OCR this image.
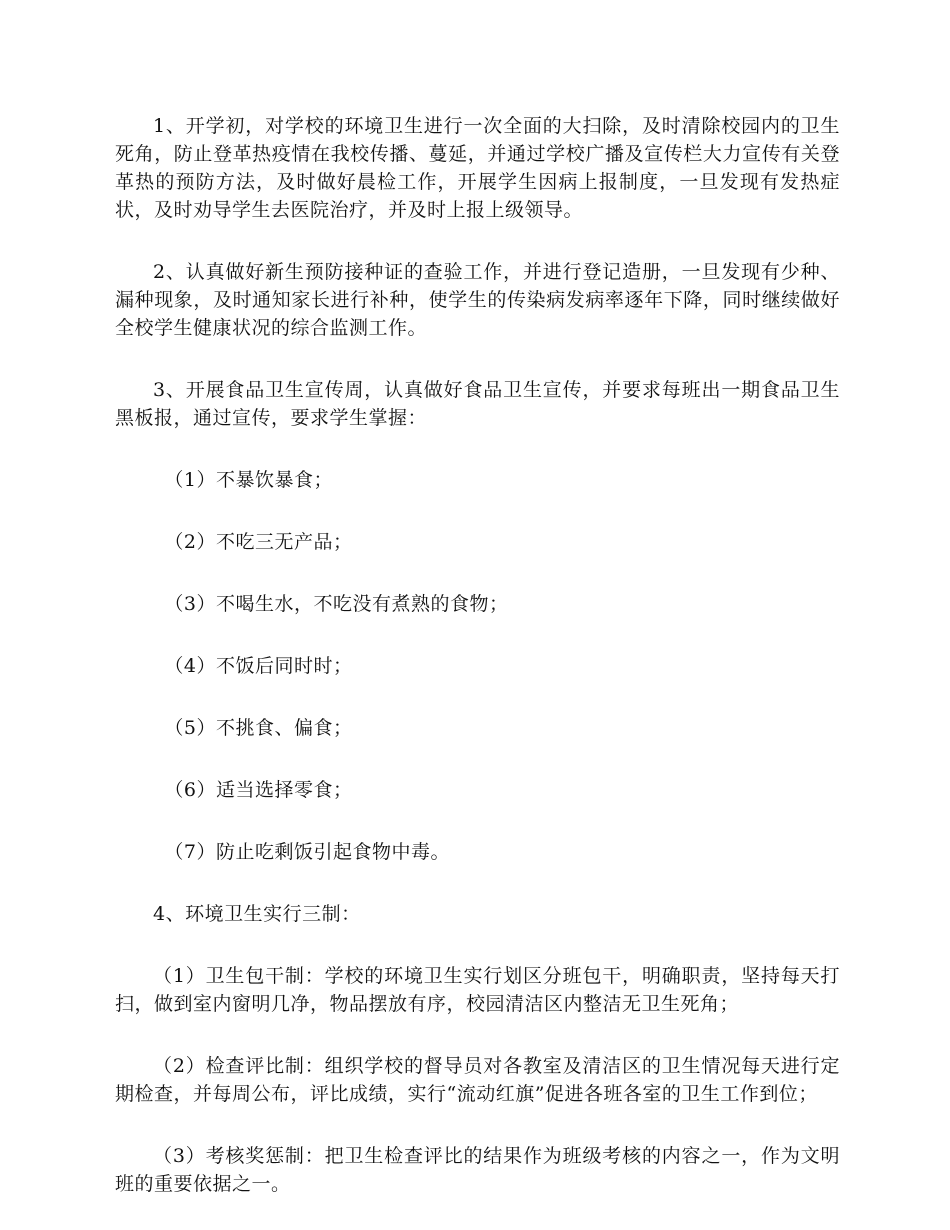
1、开学初，对学校的环境卫生进行一次全面的大扫除，及时清除校园内的卫生死角，防止登革热疫情在我校传播、蔓延，并通过学校广播及宣传栏大力宣传有关登革热的预防方法，及时做好晨检工作，开展学生因病上报制度，一旦发现有发热症状，及时劝导学生去医院治疗，并及时上报上级领导。

2、认真做好新生预防接种证的查验工作，并进行登记造册，一旦发现有少种、漏种现象，及时通知家长进行补种，使学生的传染病发病率逐年下降，同时继续做好全校学生健康状况的综合监测工作。

3、开展食品卫生宣传周，认真做好食品卫生宣传，并要求每班出一期食品卫生黑板报，通过宣传，要求学生掌握：

（1）不暴饮暴食；

（2）不吃三无产品；

（3）不喝生水，不吃没有煮熟的食物；

（4）不饭后同时时；

（5）不挑食、偏食；

（6）适当选择零食；

（7）防止吃剩饭引起食物中毒。

4、环境卫生实行三制：

（1）卫生包干制：学校的环境卫生实行划区分班包干，明确职责，坚持每天打扫，做到室内窗明几净，物品摆放有序，校园清洁区内整洁无卫生死角；

（2）检查评比制：组织学校的督导员对各教室及清洁区的卫生情况每天进行定期检查，并每周公布，评比成绩，实行“流动红旗”促进各班各室的卫生工作到位；

（3）考核奖惩制：把卫生检查评比的结果作为班级考核的内容之一，作为文明班的重要依据之一。
